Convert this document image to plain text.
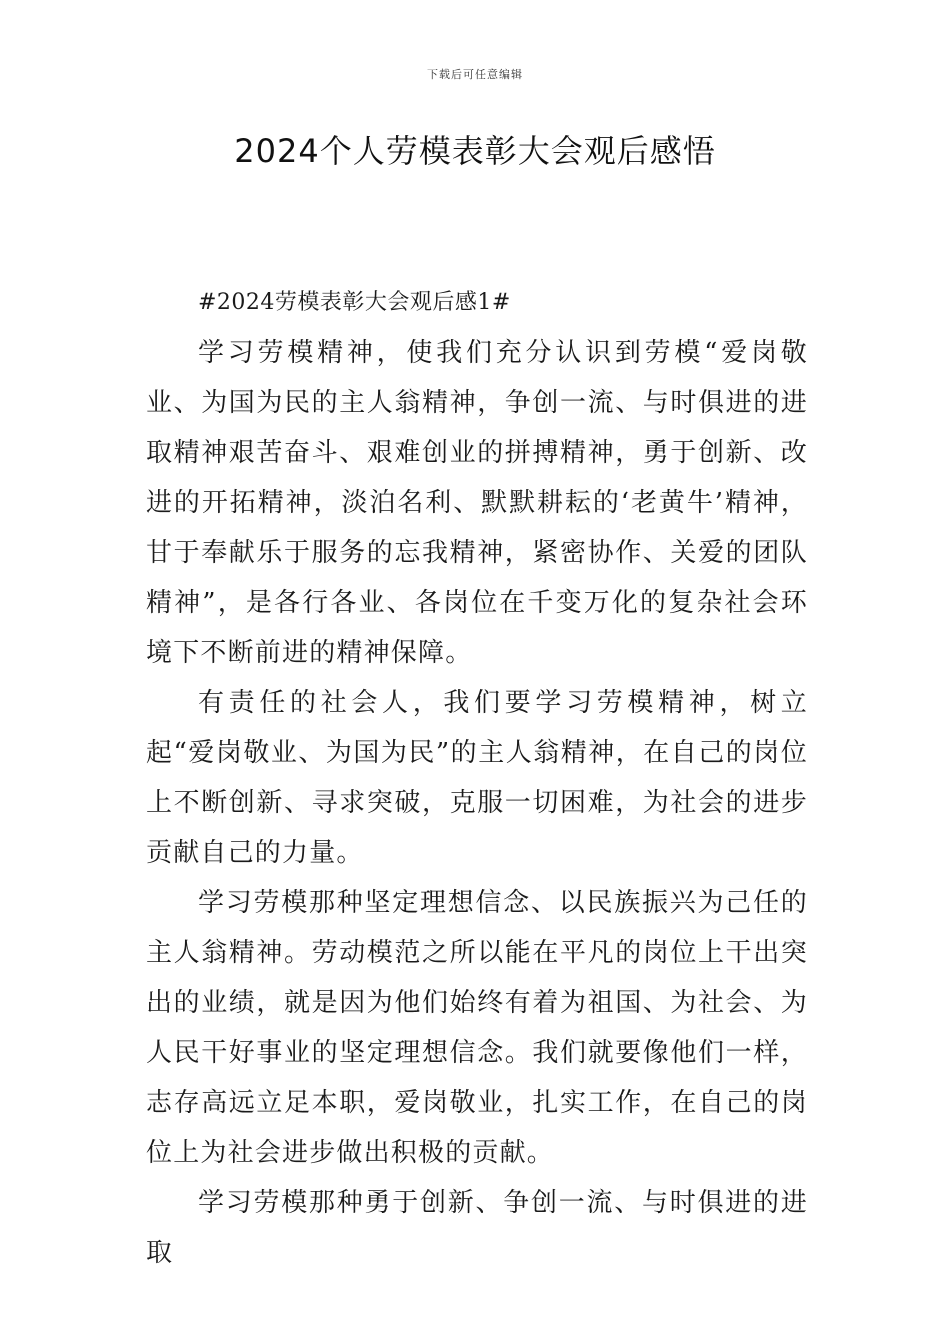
下载后可任意编辑
2024个人劳模表彰大会观后感悟

#2024劳模表彰大会观后感1#

学习劳模精神，使我们充分认识到劳模“爱岗敬业、为国为民的主人翁精神，争创一流、与时俱进的进取精神艰苦奋斗、艰难创业的拼搏精神，勇于创新、改进的开拓精神，淡泊名利、默默耕耘的‘老黄牛’精神，甘于奉献乐于服务的忘我精神，紧密协作、关爱的团队精神”，是各行各业、各岗位在千变万化的复杂社会环境下不断前进的精神保障。

有责任的社会人，我们要学习劳模精神，树立起“爱岗敬业、为国为民”的主人翁精神，在自己的岗位上不断创新、寻求突破，克服一切困难，为社会的进步贡献自己的力量。

学习劳模那种坚定理想信念、以民族振兴为己任的主人翁精神。劳动模范之所以能在平凡的岗位上干出突出的业绩，就是因为他们始终有着为祖国、为社会、为人民干好事业的坚定理想信念。我们就要像他们一样，志存高远立足本职，爱岗敬业，扎实工作，在自己的岗位上为社会进步做出积极的贡献。

学习劳模那种勇于创新、争创一流、与时俱进的进取
